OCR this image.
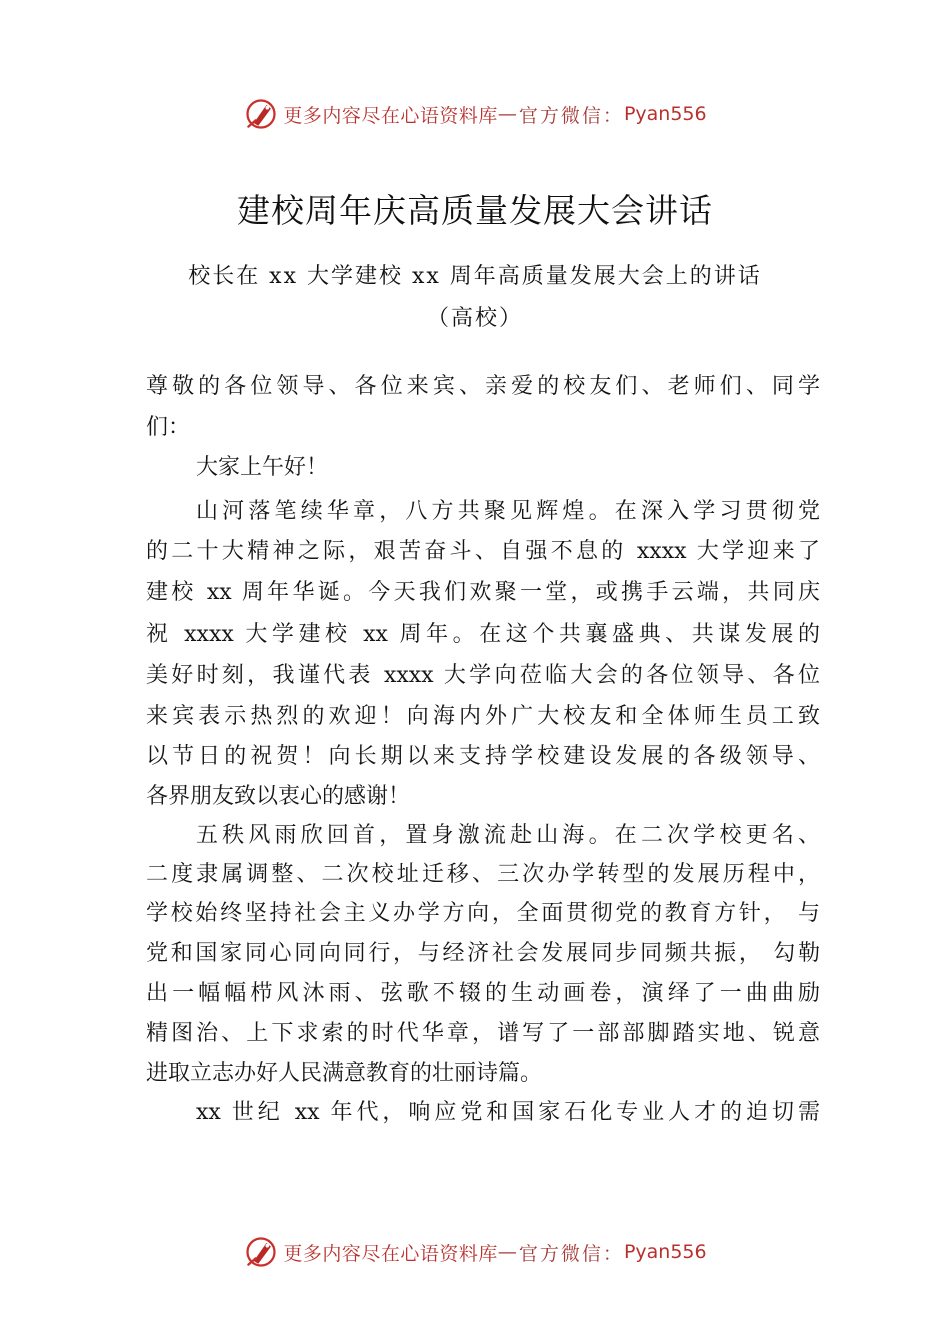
更多内容尽在心语资料库 — 官方微信： Pyan556
建校周年庆高质量发展大会讲话
校长在 xx 大学建校 xx 周年高质量发展大会上的讲话
（高校）
尊敬的各位领导、各位来宾、亲爱的校友们、老师们、同学
们：
大家上午好！
山河落笔续华章，八方共聚见辉煌。在深入学习贯彻党
的二十大精神之际，艰苦奋斗、自强不息的 xxxx 大学迎来了
建校 xx 周年华诞。今天我们欢聚一堂，或携手云端，共同庆
祝 xxxx 大学建校 xx 周年。在这个共襄盛典、共谋发展的
美好时刻，我谨代表 xxxx 大学向莅临大会的各位领导、各位
来宾表示热烈的欢迎！向海内外广大校友和全体师生员工致
以节日的祝贺！向长期以来支持学校建设发展的各级领导、
各界朋友致以衷心的感谢！
五秩风雨欣回首，置身激流赴山海。在二次学校更名、
二度隶属调整、二次校址迁移、三次办学转型的发展历程中，
学校始终坚持社会主义办学方向，全面贯彻党的教育方针， 与
党和国家同心同向同行，与经济社会发展同步同频共振， 勾勒
出一幅幅栉风沐雨、弦歌不辍的生动画卷，演绎了一曲曲励
精图治、上下求索的时代华章，谱写了一部部脚踏实地、锐意
进取立志办好人民满意教育的壮丽诗篇。
xx 世纪 xx 年代，响应党和国家石化专业人才的迫切需
更多内容尽在心语资料库 — 官方微信： Pyan556
